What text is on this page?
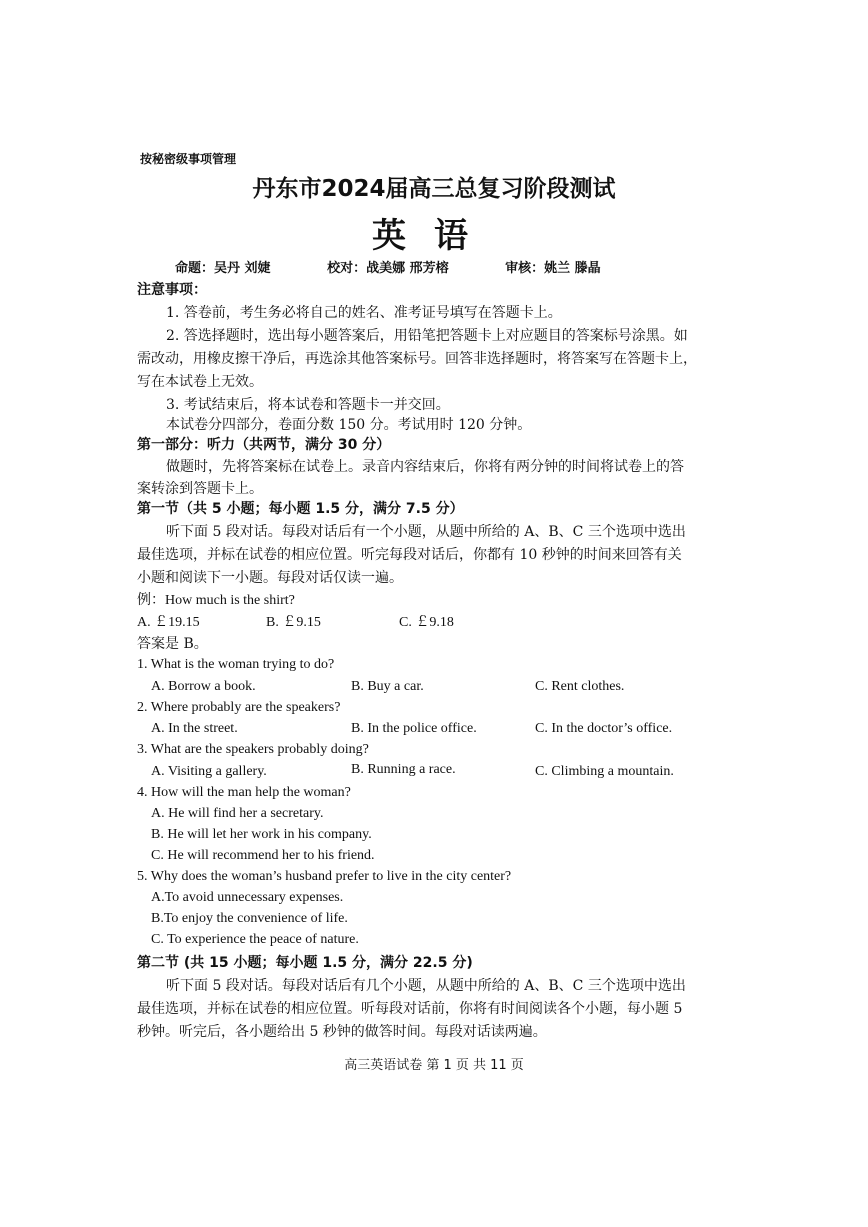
按秘密级事项管理
丹东市2024届高三总复习阶段测试
英语
命题：吴丹 刘婕	校对：战美娜 邢芳榕	审核：姚兰 滕晶
注意事项：
1. 答卷前，考生务必将自己的姓名、准考证号填写在答题卡上。
2. 答选择题时，选出每小题答案后，用铅笔把答题卡上对应题目的答案标号涂黑。如
需改动，用橡皮擦干净后，再选涂其他答案标号。回答非选择题时，将答案写在答题卡上，
写在本试卷上无效。
3. 考试结束后，将本试卷和答题卡一并交回。
本试卷分四部分，卷面分数 150 分。考试用时 120 分钟。
第一部分：听力（共两节，满分 30 分）
做题时，先将答案标在试卷上。录音内容结束后，你将有两分钟的时间将试卷上的答
案转涂到答题卡上。
第一节（共 5 小题；每小题 1.5 分，满分 7.5 分）
听下面 5 段对话。每段对话后有一个小题，从题中所给的 A、B、C 三个选项中选出
最佳选项，并标在试卷的相应位置。听完每段对话后，你都有 10 秒钟的时间来回答有关
小题和阅读下一小题。每段对话仅读一遍。
例：How much is the shirt?
A. ￡19.15	B. ￡9.15	C. ￡9.18
答案是 B。
1. What is the woman trying to do?
A. Borrow a book.	B. Buy a car.	C. Rent clothes.
2. Where probably are the speakers?
A. In the street.	B. In the police office.	C. In the doctor’s office.
3. What are the speakers probably doing?
A. Visiting a gallery.	B. Running a race.	C. Climbing a mountain.
4. How will the man help the woman?
A. He will find her a secretary.
B. He will let her work in his company.
C. He will recommend her to his friend.
5. Why does the woman’s husband prefer to live in the city center?
A.To avoid unnecessary expenses.
B.To enjoy the convenience of life.
C. To experience the peace of nature.
第二节 (共 15 小题；每小题 1.5 分，满分 22.5 分)
听下面 5 段对话。每段对话后有几个小题，从题中所给的 A、B、C 三个选项中选出
最佳选项，并标在试卷的相应位置。听每段对话前，你将有时间阅读各个小题，每小题 5
秒钟。听完后，各小题给出 5 秒钟的做答时间。每段对话读两遍。
高三英语试卷 第 1 页 共 11 页
